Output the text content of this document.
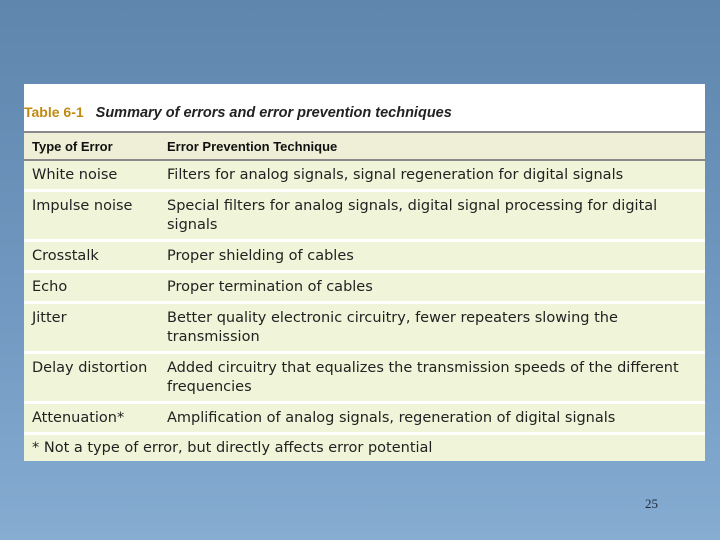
Table 6-1 Summary of errors and error prevention techniques
Type of Error	Error Prevention Technique
White noise	Filters for analog signals, signal regeneration for digital signals
Impulse noise	Special filters for analog signals, digital signal processing for digital signals
Crosstalk	Proper shielding of cables
Echo	Proper termination of cables
Jitter	Better quality electronic circuitry, fewer repeaters slowing the transmission
Delay distortion	Added circuitry that equalizes the transmission speeds of the different frequencies
Attenuation*	Amplification of analog signals, regeneration of digital signals
* Not a type of error, but directly affects error potential
25
